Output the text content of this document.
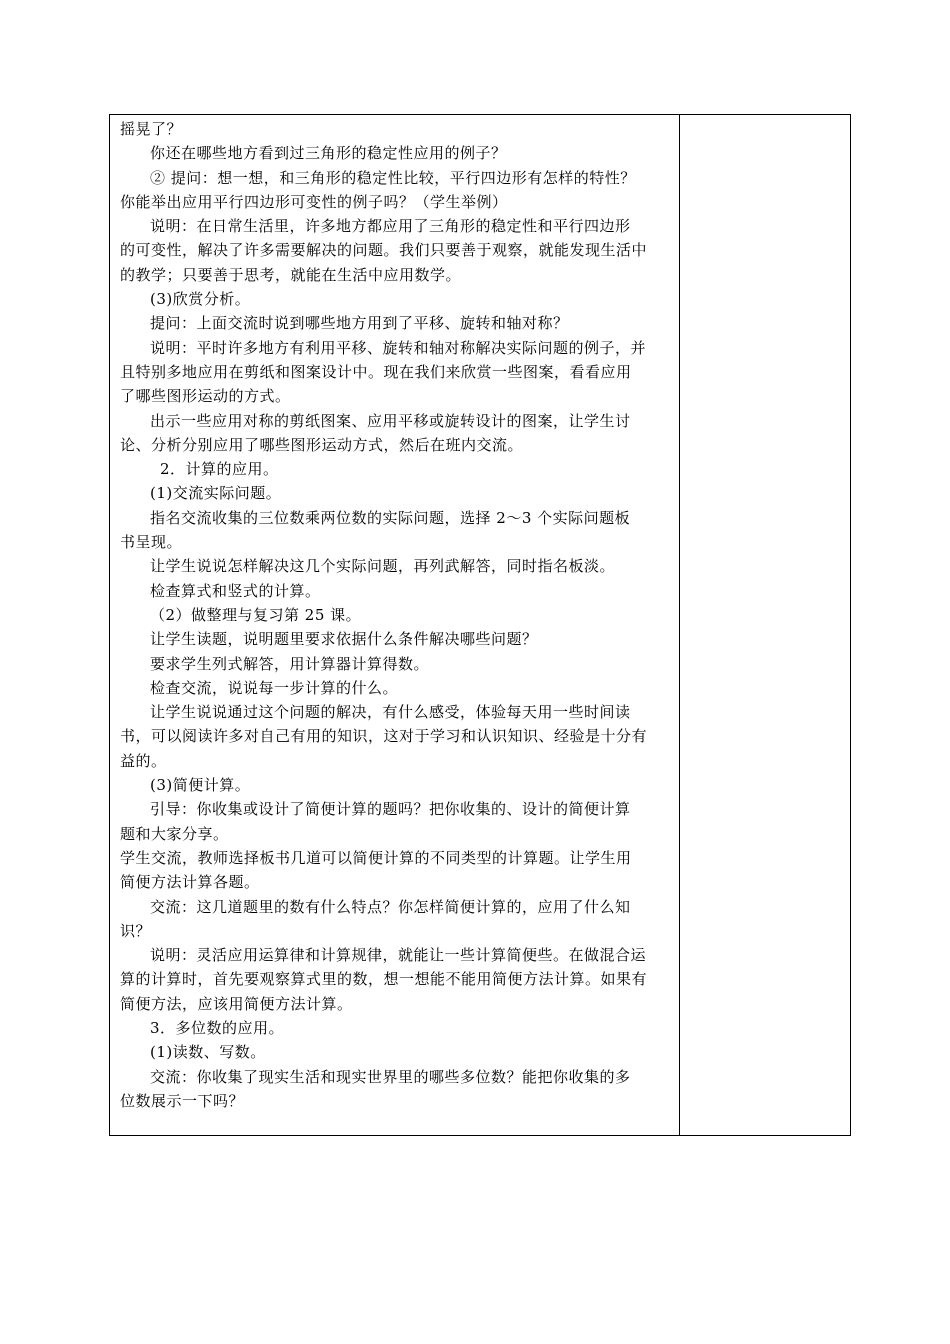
摇晃了？

你还在哪些地方看到过三角形的稳定性应用的例子？

② 提问：想一想，和三角形的稳定性比较，平行四边形有怎样的特性？

你能举出应用平行四边形可变性的例子吗？（学生举例）

说明：在日常生活里，许多地方都应用了三角形的稳定性和平行四边形

的可变性，解决了许多需要解决的问题。我们只要善于观察，就能发现生活中

的教学；只要善于思考，就能在生活中应用数学。

(3)欣赏分析。

提问：上面交流时说到哪些地方用到了平移、旋转和轴对称？

说明：平时许多地方有利用平移、旋转和轴对称解决实际问题的例子，并

且特别多地应用在剪纸和图案设计中。现在我们来欣赏一些图案，看看应用

了哪些图形运动的方式。

出示一些应用对称的剪纸图案、应用平移或旋转设计的图案，让学生讨

论、分析分别应用了哪些图形运动方式，然后在班内交流。

2．计算的应用。

(1)交流实际问题。

指名交流收集的三位数乘两位数的实际问题，选择 2～3 个实际问题板

书呈现。

让学生说说怎样解决这几个实际问题，再列武解答，同时指名板淡。

检查算式和竖式的计算。

（2）做整理与复习第 25 课。

让学生读题，说明题里要求依据什么条件解决哪些问题？

要求学生列式解答，用计算器计算得数。

检查交流，说说每一步计算的什么。

让学生说说通过这个问题的解决，有什么感受，体验每天用一些时间读

书，可以阅读许多对自己有用的知识，这对于学习和认识知识、经验是十分有

益的。

(3)简便计算。

引导：你收集或设计了简便计算的题吗？把你收集的、设计的简便计算

题和大家分享。

学生交流，教师选择板书几道可以简便计算的不同类型的计算题。让学生用

简便方法计算各题。

交流：这几道题里的数有什么特点？你怎样简便计算的，应用了什么知

识？

说明：灵活应用运算律和计算规律，就能让一些计算简便些。在做混合运

算的计算时，首先要观察算式里的数，想一想能不能用简便方法计算。如果有

简便方法，应该用简便方法计算。

3．多位数的应用。

(1)读数、写数。

交流：你收集了现实生活和现实世界里的哪些多位数？能把你收集的多

位数展示一下吗？
